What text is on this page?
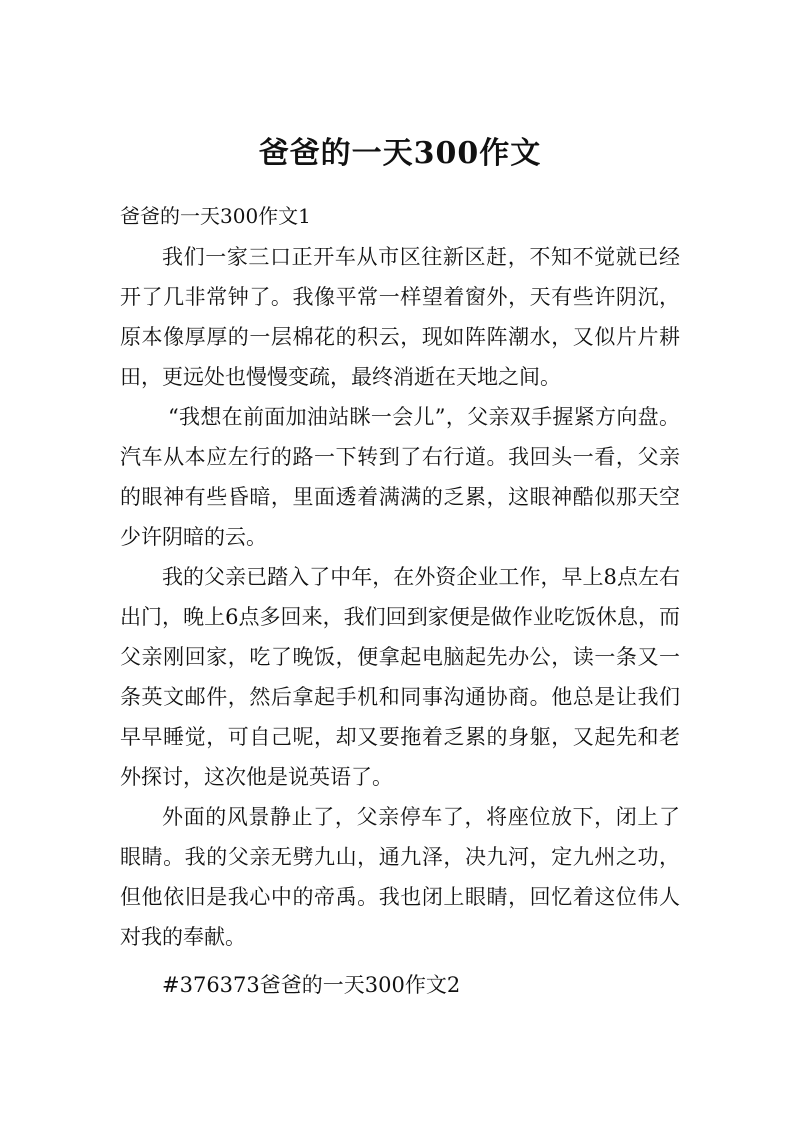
爸爸的一天300作文
爸爸的一天300作文1

我们一家三口正开车从市区往新区赶，不知不觉就已经开了几非常钟了。我像平常一样望着窗外，天有些许阴沉，原本像厚厚的一层棉花的积云，现如阵阵潮水，又似片片耕田，更远处也慢慢变疏，最终消逝在天地之间。

“我想在前面加油站眯一会儿”，父亲双手握紧方向盘。汽车从本应左行的路一下转到了右行道。我回头一看，父亲的眼神有些昏暗，里面透着满满的乏累，这眼神酷似那天空少许阴暗的云。

我的父亲已踏入了中年，在外资企业工作，早上8点左右出门，晚上6点多回来，我们回到家便是做作业吃饭休息，而父亲刚回家，吃了晚饭，便拿起电脑起先办公，读一条又一条英文邮件，然后拿起手机和同事沟通协商。他总是让我们早早睡觉，可自己呢，却又要拖着乏累的身躯，又起先和老外探讨，这次他是说英语了。

外面的风景静止了，父亲停车了，将座位放下，闭上了眼睛。我的父亲无劈九山，通九泽，决九河，定九州之功，但他依旧是我心中的帝禹。我也闭上眼睛，回忆着这位伟人对我的奉献。

#376373爸爸的一天300作文2
